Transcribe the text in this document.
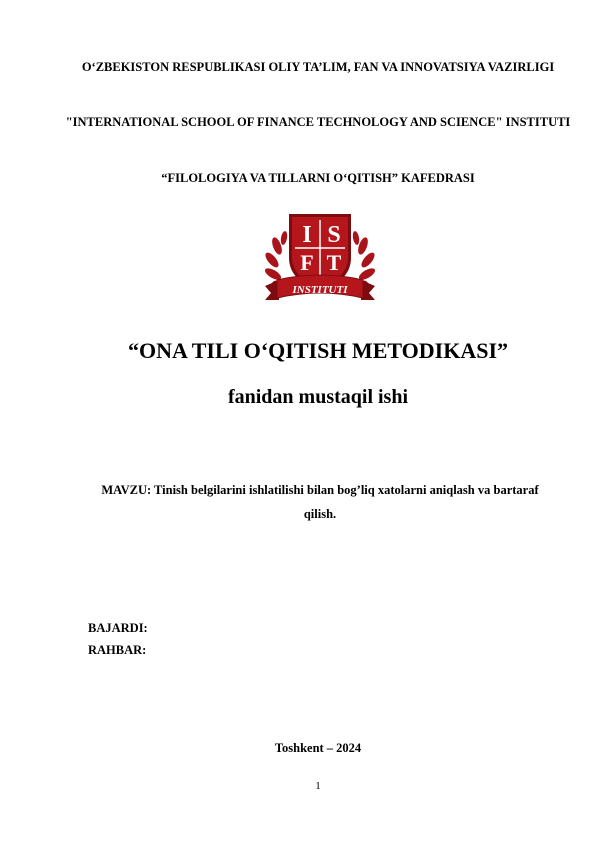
O‘ZBEKISTON RESPUBLIKASI OLIY TA’LIM, FAN VA INNOVATSIYA VAZIRLIGI
"INTERNATIONAL SCHOOL OF FINANCE TECHNOLOGY AND SCIENCE" INSTITUTI
“FILOLOGIYA VA TILLARNI O‘QITISH” KAFEDRASI
I S
F T
INSTITUTI
“ONA TILI O‘QITISH METODIKASI”
fanidan mustaqil ishi
MAVZU: Tinish belgilarini ishlatilishi bilan bog’liq xatolarni aniqlash va bartaraf qilish.
BAJARDI:
RAHBAR:
Toshkent – 2024
1
